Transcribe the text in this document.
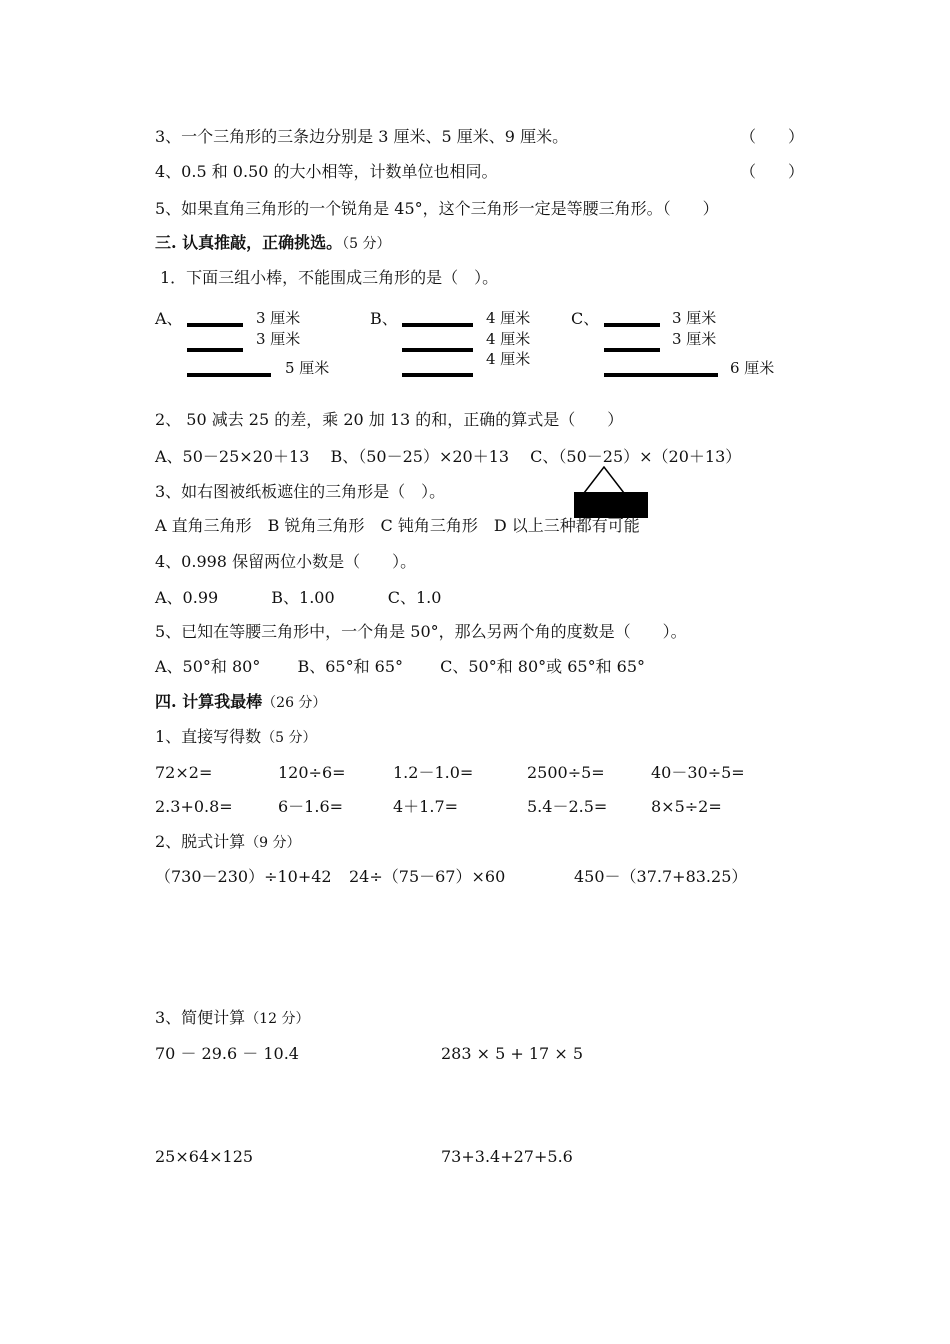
3、一个三角形的三条边分别是 3 厘米、5 厘米、9 厘米。	（　　）
4、0.5 和 0.50 的大小相等，计数单位也相同。	（　　）
5、如果直角三角形的一个锐角是 45°，这个三角形一定是等腰三角形。（　　）
三. 认真推敲，正确挑选。（5 分）
1．下面三组小棒，不能围成三角形的是（　）。
A、	3 厘米
3 厘米
5 厘米
B、	4 厘米
4 厘米
4 厘米
C、	3 厘米
3 厘米
6 厘米
2、 50 减去 25 的差，乘 20 加 13 的和，正确的算式是（　　）
A、50－25×20＋13　 B、（50－25）×20＋13　 C、（50－25）×（20＋13）
3、如右图被纸板遮住的三角形是（　）。
A 直角三角形　B 锐角三角形　C 钝角三角形　D 以上三种都有可能
4、0.998 保留两位小数是（　　）。
A、0.99　　　 B、1.00　　　 C、1.0
5、已知在等腰三角形中，一个角是 50°，那么另两个角的度数是（　　）。
A、50°和 80°　　 B、65°和 65°　　 C、50°和 80°或 65°和 65°
四. 计算我最棒（26 分）
1、直接写得数（5 分）
72×2=	120÷6=	1.2－1.0=	2500÷5=	40－30÷5=
2.3+0.8=	6－1.6=	4＋1.7=	5.4－2.5=	8×5÷2=
2、脱式计算（9 分）
（730－230）÷10+42 24÷（75－67）×60	450－（37.7+83.25）
3、简便计算（12 分）
70 － 29.6 － 10.4	283 × 5 + 17 × 5
25×64×125	73+3.4+27+5.6
